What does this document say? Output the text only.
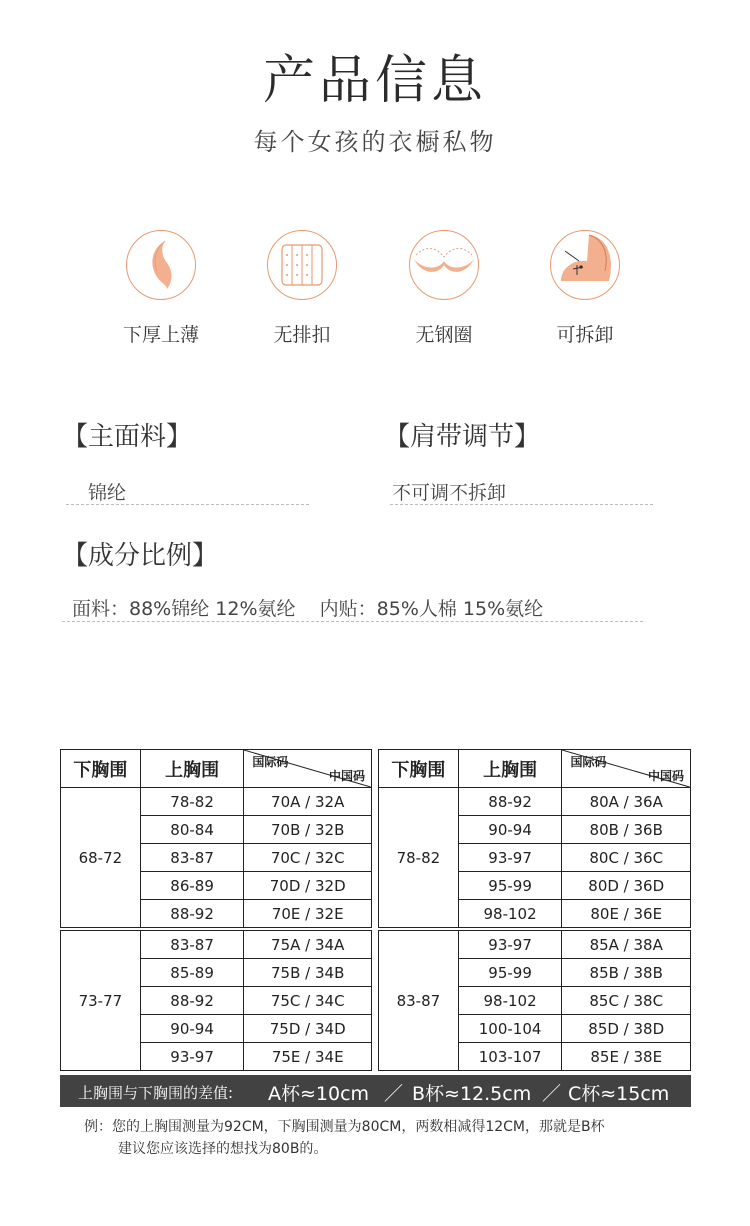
产品信息
每个女孩的衣橱私物
下厚上薄	无排扣	无钢圈	可拆卸
【主面料】
锦纶
【肩带调节】
不可调不拆卸
【成分比例】
面料：88%锦纶 12%氨纶    内贴：85%人棉 15%氨纶
下胸围	上胸围	国际码
中国码

68-72	78-82	70A / 32A
	80-84	70B / 32B
	83-87	70C / 32C
	86-89	70D / 32D
	88-92	70E / 32E
73-77	83-87	75A / 34A
	85-89	75B / 34B
	88-92	75C / 34C
	90-94	75D / 34D
	93-97	75E / 34E
下胸围	上胸围	国际码
中国码

78-82	88-92	80A / 36A
	90-94	80B / 36B
	93-97	80C / 36C
	95-99	80D / 36D
	98-102	80E / 36E
83-87	93-97	85A / 38A
	95-99	85B / 38B
	98-102	85C / 38C
	100-104	85D / 38D
	103-107	85E / 38E
上胸围与下胸围的差值: A杯≈10cm ／ B杯≈12.5cm ／ C杯≈15cm
例：您的上胸围测量为92CM，下胸围测量为80CM，两数相减得12CM，那就是B杯
建议您应该选择的想找为80B的。
